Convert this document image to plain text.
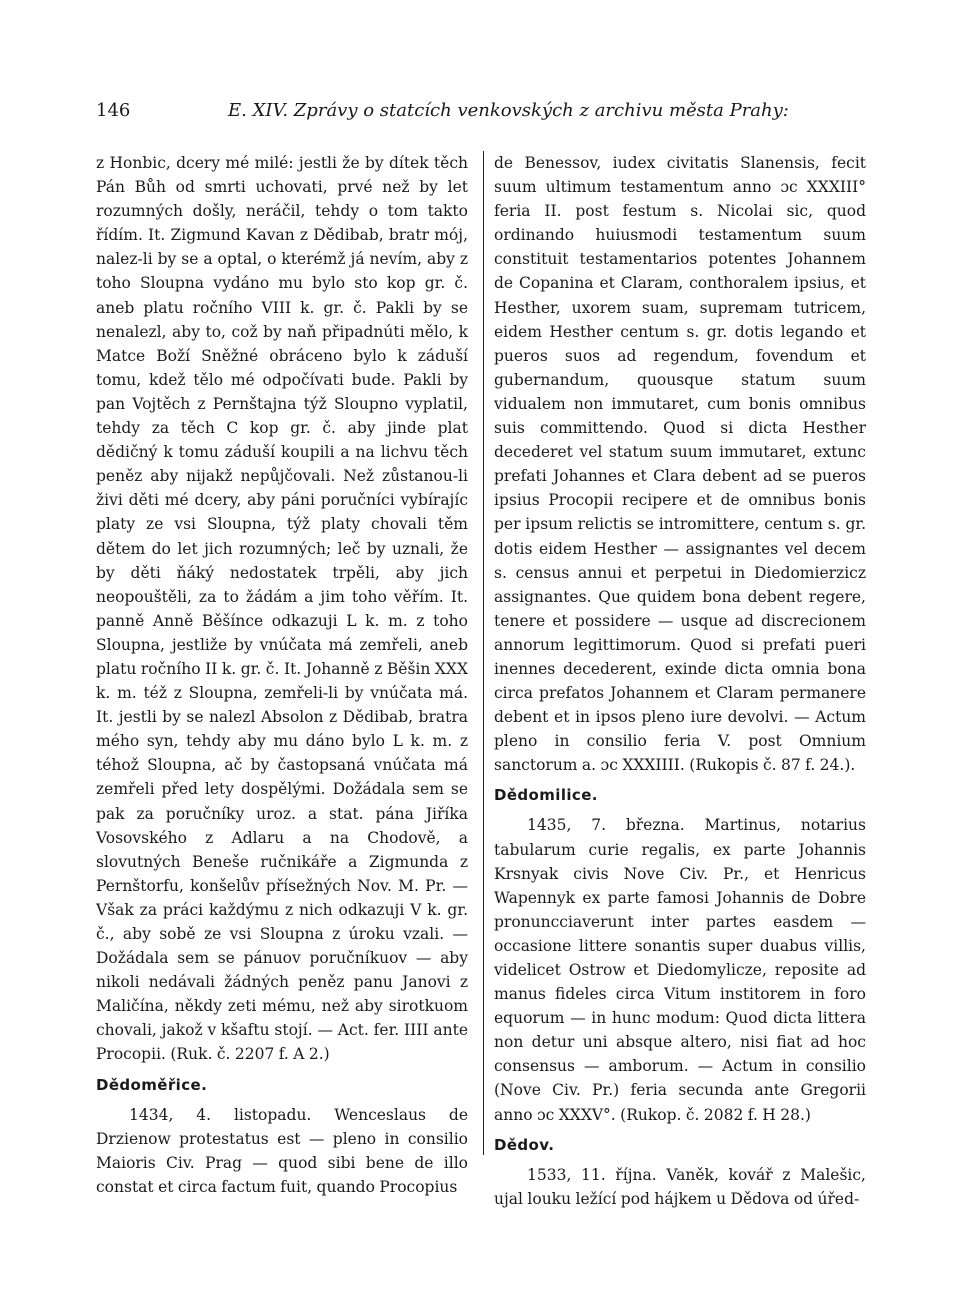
146	E. XIV. Zprávy o statcích venkovských z archivu města Prahy:

z Honbic, dcery mé milé: jestli že by dítek těch Pán Bůh od smrti uchovati, prvé než by let rozumných došly, neráčil, tehdy o tom takto řídím. It. Zigmund Kavan z Dědibab, bratr mój, nalez-li by se a optal, o kterémž já nevím, aby z toho Sloupna vydáno mu bylo sto kop gr. č. aneb platu ročního VIII k. gr. č. Pakli by se nenalezl, aby to, což by naň připadnúti mělo, k Matce Boží Sněžné obráceno bylo k záduší tomu, kdež tělo mé odpočívati bude. Pakli by pan Vojtěch z Pernštajna týž Sloupno vyplatil, tehdy za těch C kop gr. č. aby jinde plat dědičný k tomu záduší koupili a na lichvu těch peněz aby nijakž nepůjčovali. Než zůstanou-li živi děti mé dcery, aby páni poručníci vybírajíc platy ze vsi Sloupna, týž platy chovali těm dětem do let jich rozumných; leč by uznali, že by děti ňáký nedostatek trpěli, aby jich neopouštěli, za to žádám a jim toho věřím. It. panně Anně Běšínce odkazuji L k. m. z toho Sloupna, jestliže by vnúčata má zemřeli, aneb platu ročního II k. gr. č. It. Johanně z Běšin XXX k. m. též z Sloupna, zemřeli-li by vnúčata má. It. jestli by se nalezl Absolon z Dědibab, bratra mého syn, tehdy aby mu dáno bylo L k. m. z téhož Sloupna, ač by častopsaná vnúčata má zemřeli před lety dospělými. Dožádala sem se pak za poručníky uroz. a stat. pána Jiříka Vosovského z Adlaru a na Chodově, a slovutných Beneše ručnikáře a Zigmunda z Pernštorfu, konšelův přísežných Nov. M. Pr. — Však za práci každýmu z nich odkazuji V k. gr. č., aby sobě ze vsi Sloupna z úroku vzali. — Dožádala sem se pánuov poručníkuov — aby nikoli nedávali žádných peněz panu Janovi z Maličína, někdy zeti mému, než aby sirotkuom chovali, jakož v kšaftu stojí. — Act. fer. IIII ante Procopii. (Ruk. č. 2207 f. A 2.)

Dědoměřice.

1434, 4. listopadu. Wenceslaus de Drzienow protestatus est — pleno in consilio Maioris Civ. Prag — quod sibi bene de illo constat et circa factum fuit, quando Procopius

de Benessov, iudex civitatis Slanensis, fecit suum ultimum testamentum anno ɔc XXXIII° feria II. post festum s. Nicolai sic, quod ordinando huiusmodi testamentum suum constituit testamentarios potentes Johannem de Copanina et Claram, conthoralem ipsius, et Hesther, uxorem suam, supremam tutricem, eidem Hesther centum s. gr. dotis legando et pueros suos ad regendum, fovendum et gubernandum, quousque statum suum vidualem non immutaret, cum bonis omnibus suis committendo. Quod si dicta Hesther decederet vel statum suum immutaret, extunc prefati Johannes et Clara debent ad se pueros ipsius Procopii recipere et de omnibus bonis per ipsum relictis se intromittere, centum s. gr. dotis eidem Hesther — assignantes vel decem s. census annui et perpetui in Diedomierzicz assignantes. Que quidem bona debent regere, tenere et possidere — usque ad discrecionem annorum legittimorum. Quod si prefati pueri inennes decederent, exinde dicta omnia bona circa prefatos Johannem et Claram permanere debent et in ipsos pleno iure devolvi. — Actum pleno in consilio feria V. post Omnium sanctorum a. ɔc XXXIIII. (Rukopis č. 87 f. 24.).

Dědomilice.

1435, 7. března. Martinus, notarius tabularum curie regalis, ex parte Johannis Krsnyak civis Nove Civ. Pr., et Henricus Wapennyk ex parte famosi Johannis de Dobre pronuncciaverunt inter partes easdem — occasione littere sonantis super duabus villis, videlicet Ostrow et Diedomylicze, reposite ad manus fideles circa Vitum institorem in foro equorum — in hunc modum: Quod dicta littera non detur uni absque altero, nisi fiat ad hoc consensus — amborum. — Actum in consilio (Nove Civ. Pr.) feria secunda ante Gregorii anno ɔc XXXV°. (Rukop. č. 2082 f. H 28.)

Dědov.

1533, 11. října. Vaněk, kovář z Malešic, ujal louku ležící pod hájkem u Dědova od úřed-
